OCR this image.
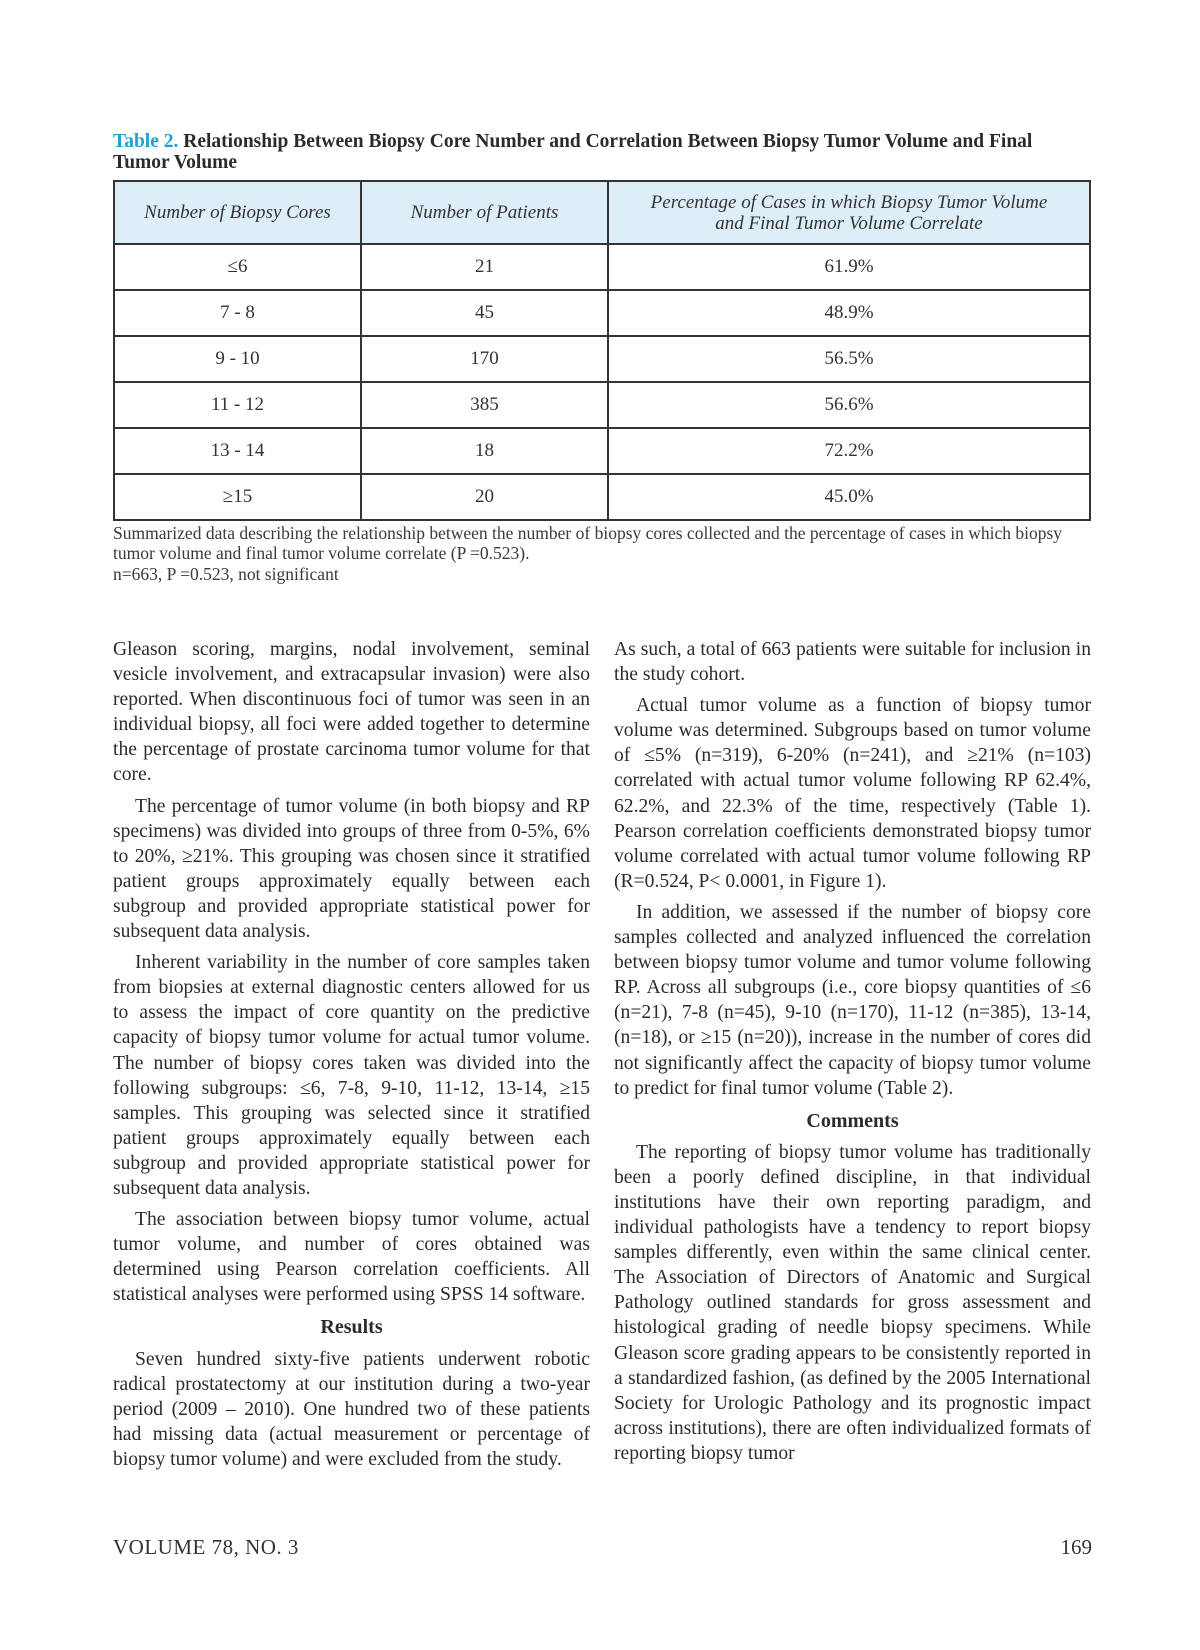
Table 2. Relationship Between Biopsy Core Number and Correlation Between Biopsy Tumor Volume and Final Tumor Volume
Number of Biopsy Cores	Number of Patients	Percentage of Cases in which Biopsy Tumor Volume and Final Tumor Volume Correlate
≤6	21	61.9%
7 - 8	45	48.9%
9 - 10	170	56.5%
11 - 12	385	56.6%
13 - 14	18	72.2%
≥15	20	45.0%
Summarized data describing the relationship between the number of biopsy cores collected and the percentage of cases in which biopsy tumor volume and final tumor volume correlate (P =0.523).
n=663, P =0.523, not significant

Gleason scoring, margins, nodal involvement, seminal vesicle involvement, and extracapsular invasion) were also reported. When discontinuous foci of tumor was seen in an individual biopsy, all foci were added together to determine the percentage of prostate carcinoma tumor volume for that core.

The percentage of tumor volume (in both biopsy and RP specimens) was divided into groups of three from 0-5%, 6% to 20%, ≥21%. This grouping was chosen since it stratified patient groups approximately equally between each subgroup and provided appropriate statistical power for subsequent data analysis.

Inherent variability in the number of core samples taken from biopsies at external diagnostic centers allowed for us to assess the impact of core quantity on the predictive capacity of biopsy tumor volume for actual tumor volume. The number of biopsy cores taken was divided into the following subgroups: ≤6, 7-8, 9-10, 11-12, 13-14, ≥15 samples. This grouping was selected since it stratified patient groups approximately equally between each subgroup and provided appropriate statistical power for subsequent data analysis.

The association between biopsy tumor volume, actual tumor volume, and number of cores obtained was determined using Pearson correlation coefficients. All statistical analyses were performed using SPSS 14 software.

Results

Seven hundred sixty-five patients underwent robotic radical prostatectomy at our institution during a two-year period (2009 – 2010). One hundred two of these patients had missing data (actual measurement or percentage of biopsy tumor volume) and were excluded from the study.

As such, a total of 663 patients were suitable for inclusion in the study cohort.

Actual tumor volume as a function of biopsy tumor volume was determined. Subgroups based on tumor volume of ≤5% (n=319), 6-20% (n=241), and ≥21% (n=103) correlated with actual tumor volume following RP 62.4%, 62.2%, and 22.3% of the time, respectively (Table 1). Pearson correlation coefficients demonstrated biopsy tumor volume correlated with actual tumor volume following RP (R=0.524, P< 0.0001, in Figure 1).

In addition, we assessed if the number of biopsy core samples collected and analyzed influenced the correlation between biopsy tumor volume and tumor volume following RP. Across all subgroups (i.e., core biopsy quantities of ≤6 (n=21), 7-8 (n=45), 9-10 (n=170), 11-12 (n=385), 13-14, (n=18), or ≥15 (n=20)), increase in the number of cores did not significantly affect the capacity of biopsy tumor volume to predict for final tumor volume (Table 2).

Comments

The reporting of biopsy tumor volume has traditionally been a poorly defined discipline, in that individual institutions have their own reporting paradigm, and individual pathologists have a tendency to report biopsy samples differently, even within the same clinical center. The Association of Directors of Anatomic and Surgical Pathology outlined standards for gross assessment and histological grading of needle biopsy specimens. While Gleason score grading appears to be consistently reported in a standardized fashion, (as defined by the 2005 International Society for Urologic Pathology and its prognostic impact across institutions), there are often individualized formats of reporting biopsy tumor

VOLUME 78, NO. 3	169
